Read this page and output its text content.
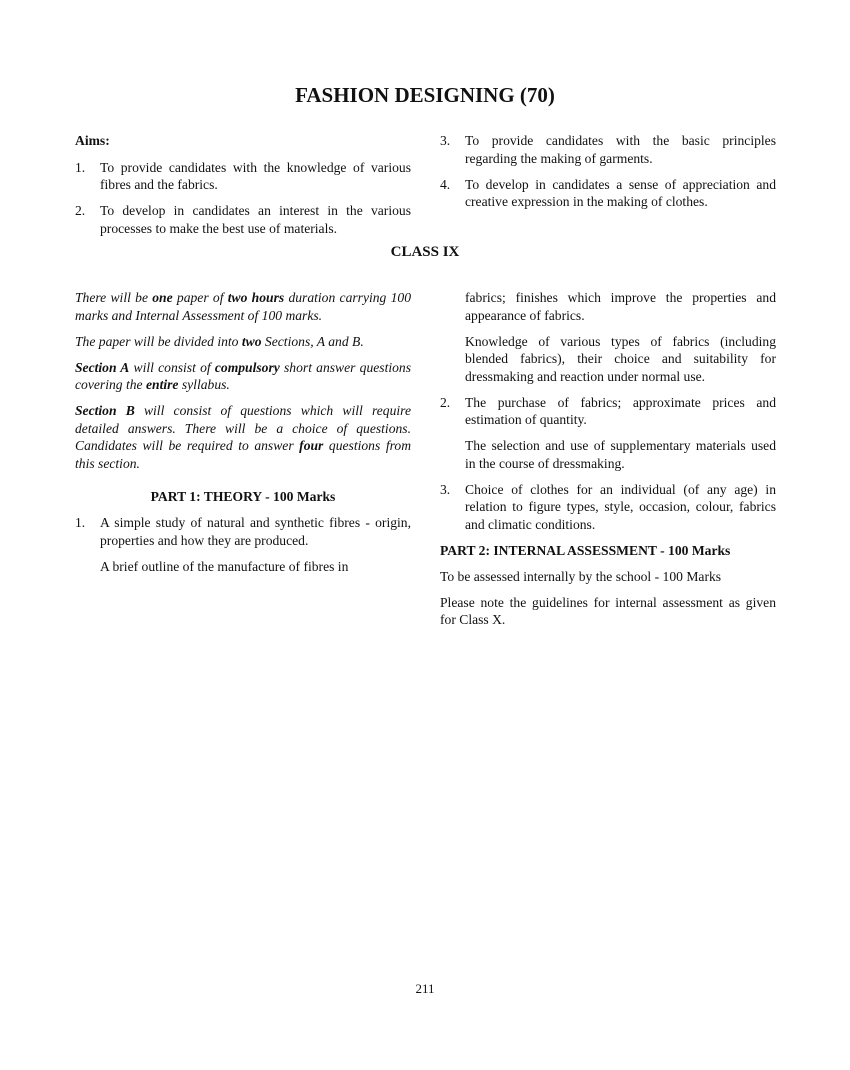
FASHION DESIGNING (70)
Aims:
1.	To provide candidates with the knowledge of various fibres and the fabrics.
2.	To develop in candidates an interest in the various processes to make the best use of materials.
3.	To provide candidates with the basic principles regarding the making of garments.
4.	To develop in candidates a sense of appreciation and creative expression in the making of clothes.
CLASS IX

There will be one paper of two hours duration carrying 100 marks and Internal Assessment of 100 marks.

The paper will be divided into two Sections, A and B.

Section A will consist of compulsory short answer questions covering the entire syllabus.

Section B will consist of questions which will require detailed answers. There will be a choice of questions. Candidates will be required to answer four questions from this section.

PART 1: THEORY - 100 Marks
1.	A simple study of natural and synthetic fibres - origin, properties and how they are produced.

A brief outline of the manufacture of fibres in

fabrics; finishes which improve the properties and appearance of fabrics.

Knowledge of various types of fabrics (including blended fabrics), their choice and suitability for dressmaking and reaction under normal use.

2.	The purchase of fabrics; approximate prices and estimation of quantity.

The selection and use of supplementary materials used in the course of dressmaking.

3.	Choice of clothes for an individual (of any age) in relation to figure types, style, occasion, colour, fabrics and climatic conditions.
PART 2: INTERNAL ASSESSMENT - 100 Marks

To be assessed internally by the school - 100 Marks

Please note the guidelines for internal assessment as given for Class X.

211
